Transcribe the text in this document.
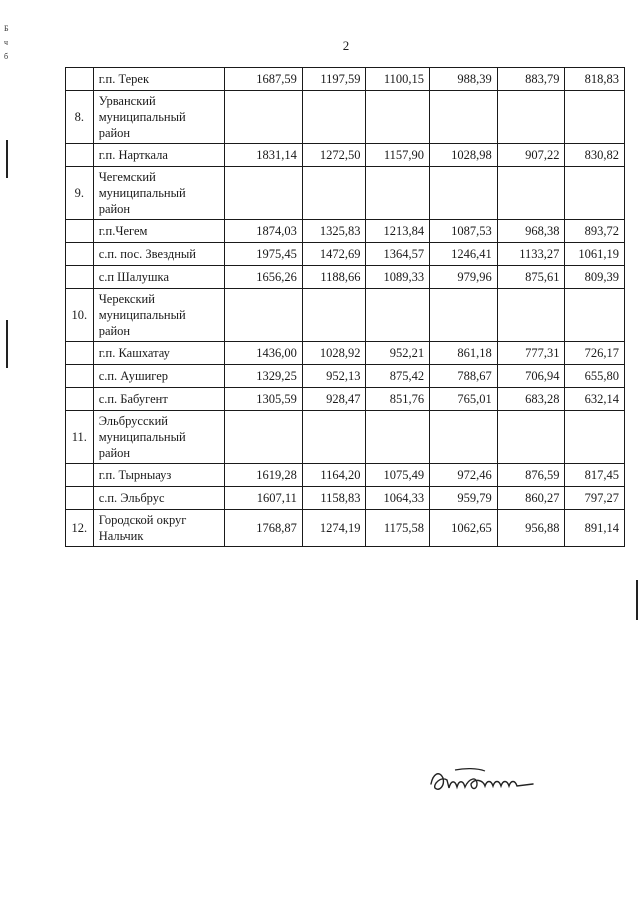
2
Б
ч
б
	г.п. Терек	1687,59	1197,59	1100,15	988,39	883,79	818,83
8.	Урванский муниципальный район						
	г.п. Нарткала	1831,14	1272,50	1157,90	1028,98	907,22	830,82
9.	Чегемский муниципальный район						
	г.п.Чегем	1874,03	1325,83	1213,84	1087,53	968,38	893,72
	с.п. пос. Звездный	1975,45	1472,69	1364,57	1246,41	1133,27	1061,19
	с.п Шалушка	1656,26	1188,66	1089,33	979,96	875,61	809,39
10.	Черекский муниципальный район						
	г.п. Кашхатау	1436,00	1028,92	952,21	861,18	777,31	726,17
	с.п. Аушигер	1329,25	952,13	875,42	788,67	706,94	655,80
	с.п. Бабугент	1305,59	928,47	851,76	765,01	683,28	632,14
11.	Эльбрусский муниципальный район						
	г.п. Тырныауз	1619,28	1164,20	1075,49	972,46	876,59	817,45
	с.п. Эльбрус	1607,11	1158,83	1064,33	959,79	860,27	797,27
12.	Городской округ Нальчик	1768,87	1274,19	1175,58	1062,65	956,88	891,14
